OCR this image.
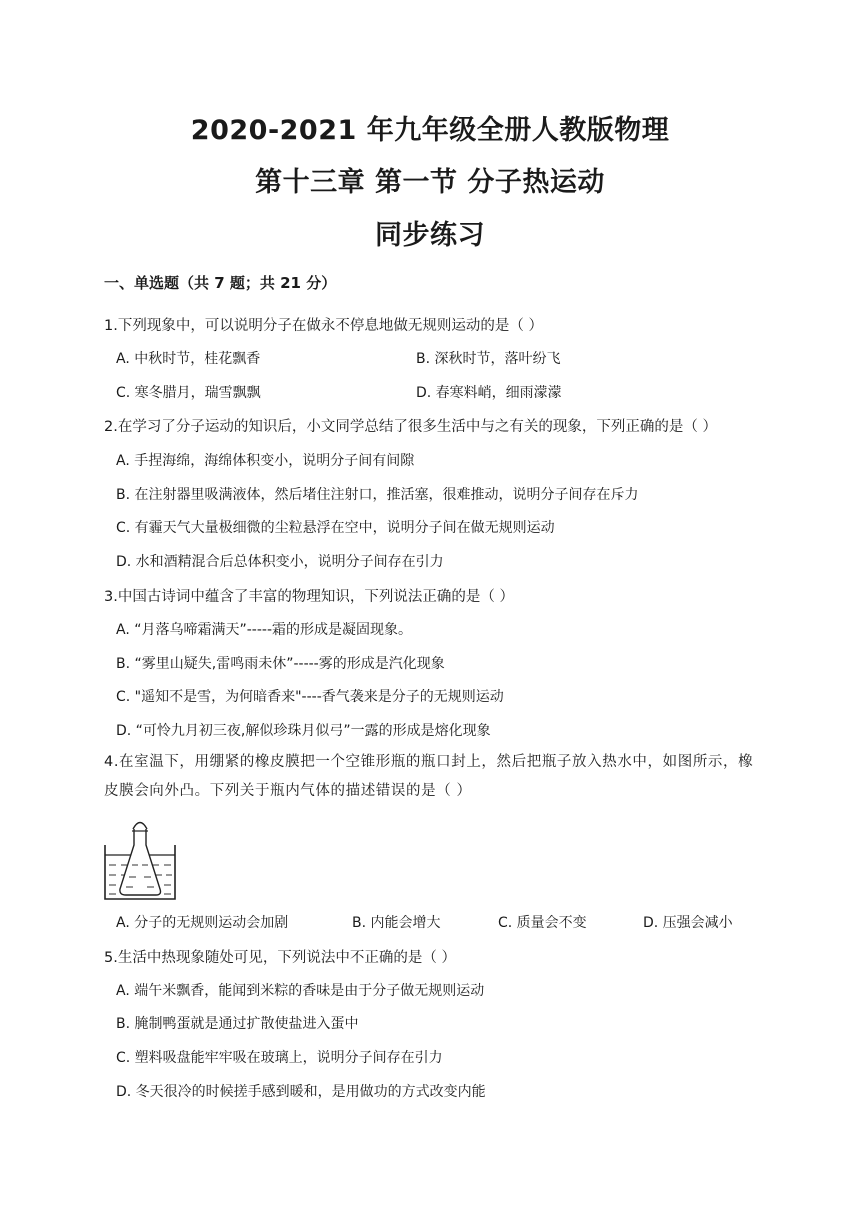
2020-2021 年九年级全册人教版物理
第十三章 第一节 分子热运动
同步练习
一、单选题（共 7 题；共 21 分）
1.下列现象中，可以说明分子在做永不停息地做无规则运动的是（ ）
A. 中秋时节，桂花飘香	B. 深秋时节，落叶纷飞
C. 寒冬腊月，瑞雪飘飘	D. 春寒料峭，细雨濛濛
2.在学习了分子运动的知识后，小文同学总结了很多生活中与之有关的现象，下列正确的是（ ）
A. 手捏海绵，海绵体积变小，说明分子间有间隙
B. 在注射器里吸满液体，然后堵住注射口，推活塞，很难推动，说明分子间存在斥力
C. 有霾天气大量极细微的尘粒悬浮在空中，说明分子间在做无规则运动
D. 水和酒精混合后总体积变小，说明分子间存在引力
3.中国古诗词中蕴含了丰富的物理知识，下列说法正确的是（ ）
A. “月落乌啼霜满天”-----霜的形成是凝固现象。
B. “雾里山疑失,雷鸣雨未休”-----雾的形成是汽化现象
C. "遥知不是雪，为何暗香来"----香气袭来是分子的无规则运动
D. “可怜九月初三夜,解似珍珠月似弓”一露的形成是熔化现象
4.在室温下，用绷紧的橡皮膜把一个空锥形瓶的瓶口封上，然后把瓶子放入热水中，如图所示，橡皮膜会向外凸。下列关于瓶内气体的描述错误的是（ ）
A. 分子的无规则运动会加剧	B. 内能会增大	C. 质量会不变	D. 压强会减小
5.生活中热现象随处可见，下列说法中不正确的是（ ）
A. 端午米飘香，能闻到米粽的香味是由于分子做无规则运动
B. 腌制鸭蛋就是通过扩散使盐进入蛋中
C. 塑料吸盘能牢牢吸在玻璃上，说明分子间存在引力
D. 冬天很冷的时候搓手感到暖和，是用做功的方式改变内能
